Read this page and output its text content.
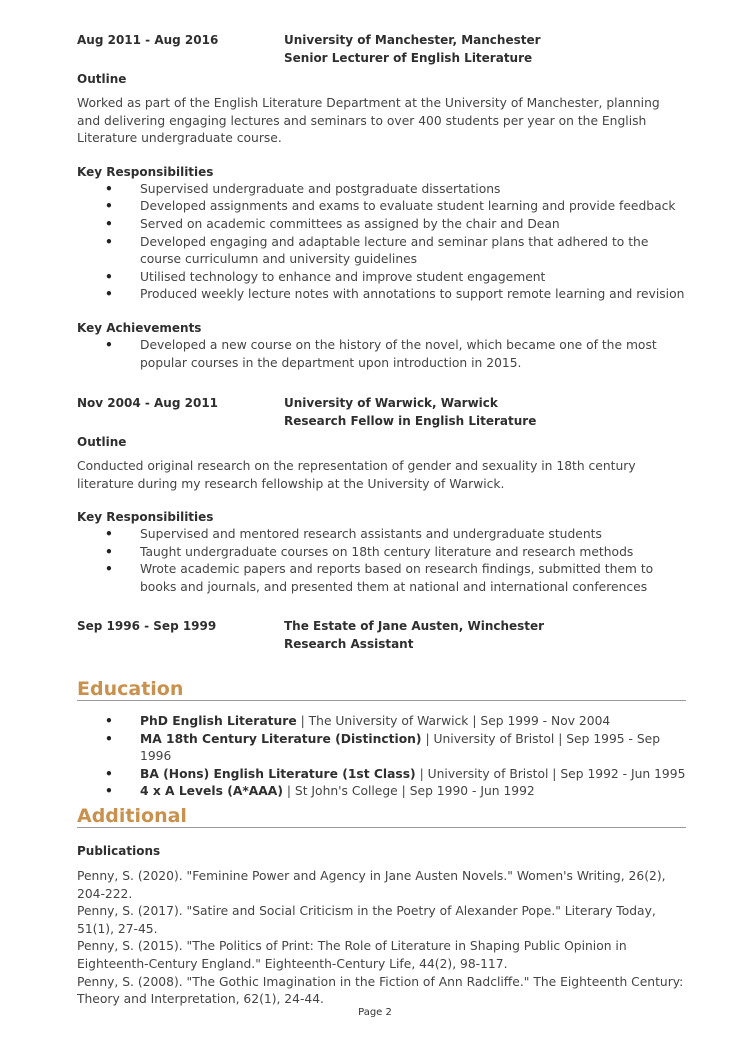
Aug 2011 - Aug 2016	University of Manchester, Manchester
Senior Lecturer of English Literature

Outline

Worked as part of the English Literature Department at the University of Manchester, planning and delivering engaging lectures and seminars to over 400 students per year on the English Literature undergraduate course.

Key Responsibilities

• Supervised undergraduate and postgraduate dissertations
• Developed assignments and exams to evaluate student learning and provide feedback
• Served on academic committees as assigned by the chair and Dean
• Developed engaging and adaptable lecture and seminar plans that adhered to the course curriculumn and university guidelines
• Utilised technology to enhance and improve student engagement
• Produced weekly lecture notes with annotations to support remote learning and revision

Key Achievements

• Developed a new course on the history of the novel, which became one of the most popular courses in the department upon introduction in 2015.
Nov 2004 - Aug 2011	University of Warwick, Warwick
Research Fellow in English Literature

Outline

Conducted original research on the representation of gender and sexuality in 18th century literature during my research fellowship at the University of Warwick.

Key Responsibilities

• Supervised and mentored research assistants and undergraduate students
• Taught undergraduate courses on 18th century literature and research methods
• Wrote academic papers and reports based on research findings, submitted them to books and journals, and presented them at national and international conferences
Sep 1996 - Sep 1999	The Estate of Jane Austen, Winchester
Research Assistant
Education
• PhD English Literature | The University of Warwick | Sep 1999 - Nov 2004
• MA 18th Century Literature (Distinction) | University of Bristol | Sep 1995 - Sep 1996
• BA (Hons) English Literature (1st Class) | University of Bristol | Sep 1992 - Jun 1995
• 4 x A Levels (A*AAA) | St John's College | Sep 1990 - Jun 1992
Additional

Publications

Penny, S. (2020). "Feminine Power and Agency in Jane Austen Novels." Women's Writing, 26(2), 204-222.

Penny, S. (2017). "Satire and Social Criticism in the Poetry of Alexander Pope." Literary Today, 51(1), 27-45.

Penny, S. (2015). "The Politics of Print: The Role of Literature in Shaping Public Opinion in Eighteenth-Century England." Eighteenth-Century Life, 44(2), 98-117.

Penny, S. (2008). "The Gothic Imagination in the Fiction of Ann Radcliffe." The Eighteenth Century: Theory and Interpretation, 62(1), 24-44.

Page 2
